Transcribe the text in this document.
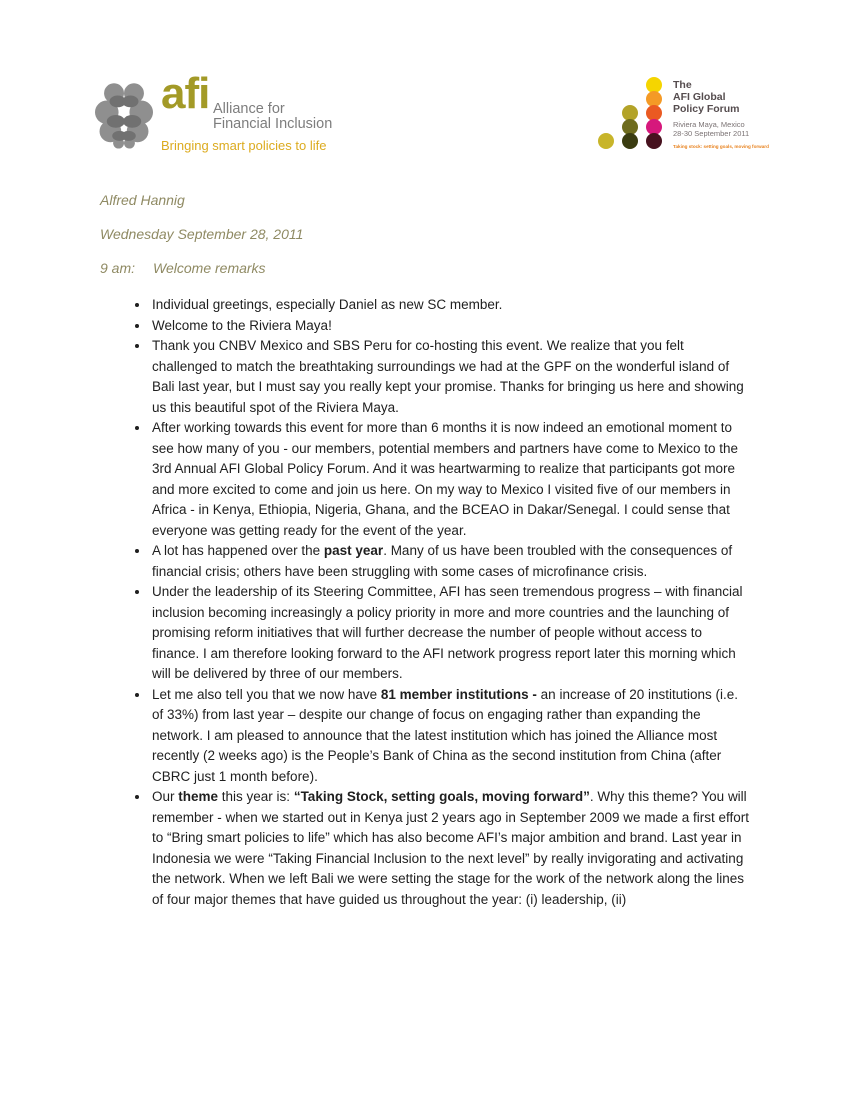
afi Alliance for
Financial Inclusion
Bringing smart policies to life
The
AFI Global
Policy Forum
Riviera Maya, Mexico
28-30 September 2011
Taking stock: setting goals, moving forward

Alfred Hannig

Wednesday September 28, 2011

9 am: Welcome remarks

• Individual greetings, especially Daniel as new SC member.
• Welcome to the Riviera Maya!
• Thank you CNBV Mexico and SBS Peru for co-hosting this event. We realize that you felt challenged to match the breathtaking surroundings we had at the GPF on the wonderful island of Bali last year, but I must say you really kept your promise. Thanks for bringing us here and showing us this beautiful spot of the Riviera Maya.
• After working towards this event for more than 6 months it is now indeed an emotional moment to see how many of you - our members, potential members and partners have come to Mexico to the 3rd Annual AFI Global Policy Forum. And it was heartwarming to realize that participants got more and more excited to come and join us here. On my way to Mexico I visited five of our members in Africa - in Kenya, Ethiopia, Nigeria, Ghana, and the BCEAO in Dakar/Senegal. I could sense that everyone was getting ready for the event of the year.
• A lot has happened over the past year. Many of us have been troubled with the consequences of financial crisis; others have been struggling with some cases of microfinance crisis.
• Under the leadership of its Steering Committee, AFI has seen tremendous progress – with financial inclusion becoming increasingly a policy priority in more and more countries and the launching of promising reform initiatives that will further decrease the number of people without access to finance. I am therefore looking forward to the AFI network progress report later this morning which will be delivered by three of our members.
• Let me also tell you that we now have 81 member institutions - an increase of 20 institutions (i.e. of 33%) from last year – despite our change of focus on engaging rather than expanding the network. I am pleased to announce that the latest institution which has joined the Alliance most recently (2 weeks ago) is the People’s Bank of China as the second institution from China (after CBRC just 1 month before).
• Our theme this year is: “Taking Stock, setting goals, moving forward”. Why this theme? You will remember - when we started out in Kenya just 2 years ago in September 2009 we made a first effort to “Bring smart policies to life” which has also become AFI’s major ambition and brand. Last year in Indonesia we were “Taking Financial Inclusion to the next level” by really invigorating and activating the network. When we left Bali we were setting the stage for the work of the network along the lines of four major themes that have guided us throughout the year: (i) leadership, (ii)
